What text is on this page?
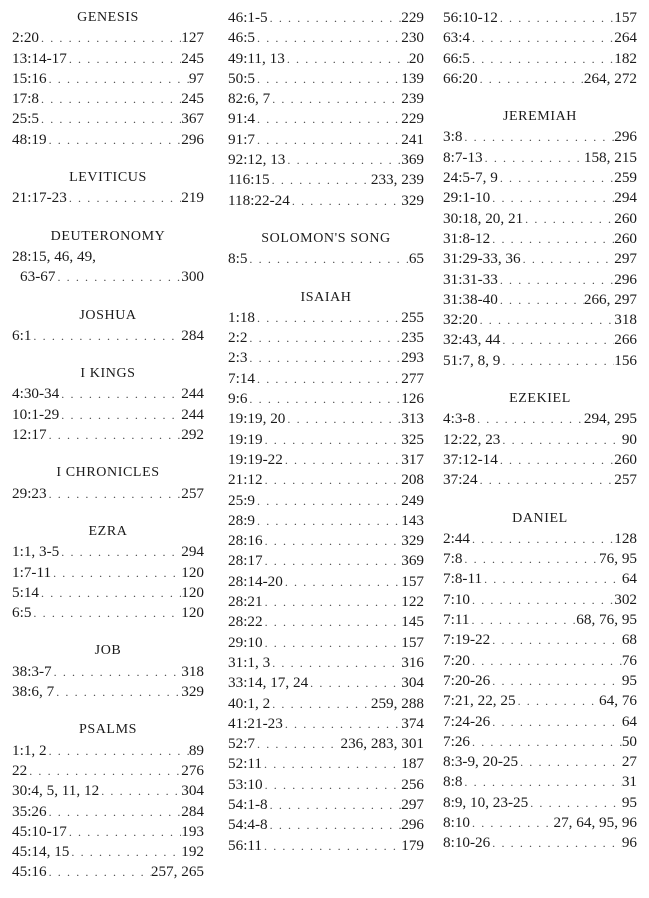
GENESIS
2:20 . . .	127
13:14-17 . . .	245
15:16 . . .	97
17:8 . . .	245
25:5 . . .	367
48:19 . . .	296
LEVITICUS
21:17-23 . . .	219
DEUTERONOMY
28:15, 46, 49,
63-67 . . .	300
JOSHUA
6:1 . . .	284
I KINGS
4:30-34 . . .	244
10:1-29 . . .	244
12:17 . . .	292
I CHRONICLES
29:23 . . .	257
EZRA
1:1, 3-5 . . .	294
1:7-11 . . .	120
5:14 . . .	120
6:5 . . .	120
JOB
38:3-7 . . .	318
38:6, 7 . . .	329
PSALMS
1:1, 2 . . .	89
22 . . .	276
30:4, 5, 11, 12 . . .	304
35:26 . . .	284
45:10-17 . . .	193
45:14, 15 . . .	192
45:16 . . .	257, 265
46:1-5 . . .	229
46:5 . . .	230
49:11, 13 . . .	20
50:5 . . .	139
82:6, 7 . . .	239
91:4 . . .	229
91:7 . . .	241
92:12, 13 . . .	369
116:15 . . .	233, 239
118:22-24 . . .	329
SOLOMON'S SONG
8:5 . . .	65
ISAIAH
1:18 . . .	255
2:2 . . .	235
2:3 . . .	293
7:14 . . .	277
9:6 . . .	126
19:19, 20 . . .	313
19:19 . . .	325
19:19-22 . . .	317
21:12 . . .	208
25:9 . . .	249
28:9 . . .	143
28:16 . . .	329
28:17 . . .	369
28:14-20 . . .	157
28:21 . . .	122
28:22 . . .	145
29:10 . . .	157
31:1, 3 . . .	316
33:14, 17, 24 . . .	304
40:1, 2 . . .	259, 288
41:21-23 . . .	374
52:7 . . .	236, 283, 301
52:11 . . .	187
53:10 . . .	256
54:1-8 . . .	297
54:4-8 . . .	296
56:11 . . .	179
56:10-12 . . .	157
63:4 . . .	264
66:5 . . .	182
66:20 . . .	264, 272
JEREMIAH
3:8 . . .	296
8:7-13 . . .	158, 215
24:5-7, 9 . . .	259
29:1-10 . . .	294
30:18, 20, 21 . . .	260
31:8-12 . . .	260
31:29-33, 36 . . .	297
31:31-33 . . .	296
31:38-40 . . .	266, 297
32:20 . . .	318
32:43, 44 . . .	266
51:7, 8, 9 . . .	156
EZEKIEL
4:3-8 . . .	294, 295
12:22, 23 . . .	90
37:12-14 . . .	260
37:24 . . .	257
DANIEL
2:44 . . .	128
7:8 . . .	76, 95
7:8-11 . . .	64
7:10 . . .	302
7:11 . . .	68, 76, 95
7:19-22 . . .	68
7:20 . . .	76
7:20-26 . . .	95
7:21, 22, 25 . . .	64, 76
7:24-26 . . .	64
7:26 . . .	50
8:3-9, 20-25 . . .	27
8:8 . . .	31
8:9, 10, 23-25 . . .	95
8:10 . . .	27, 64, 95, 96
8:10-26 . . .	96
